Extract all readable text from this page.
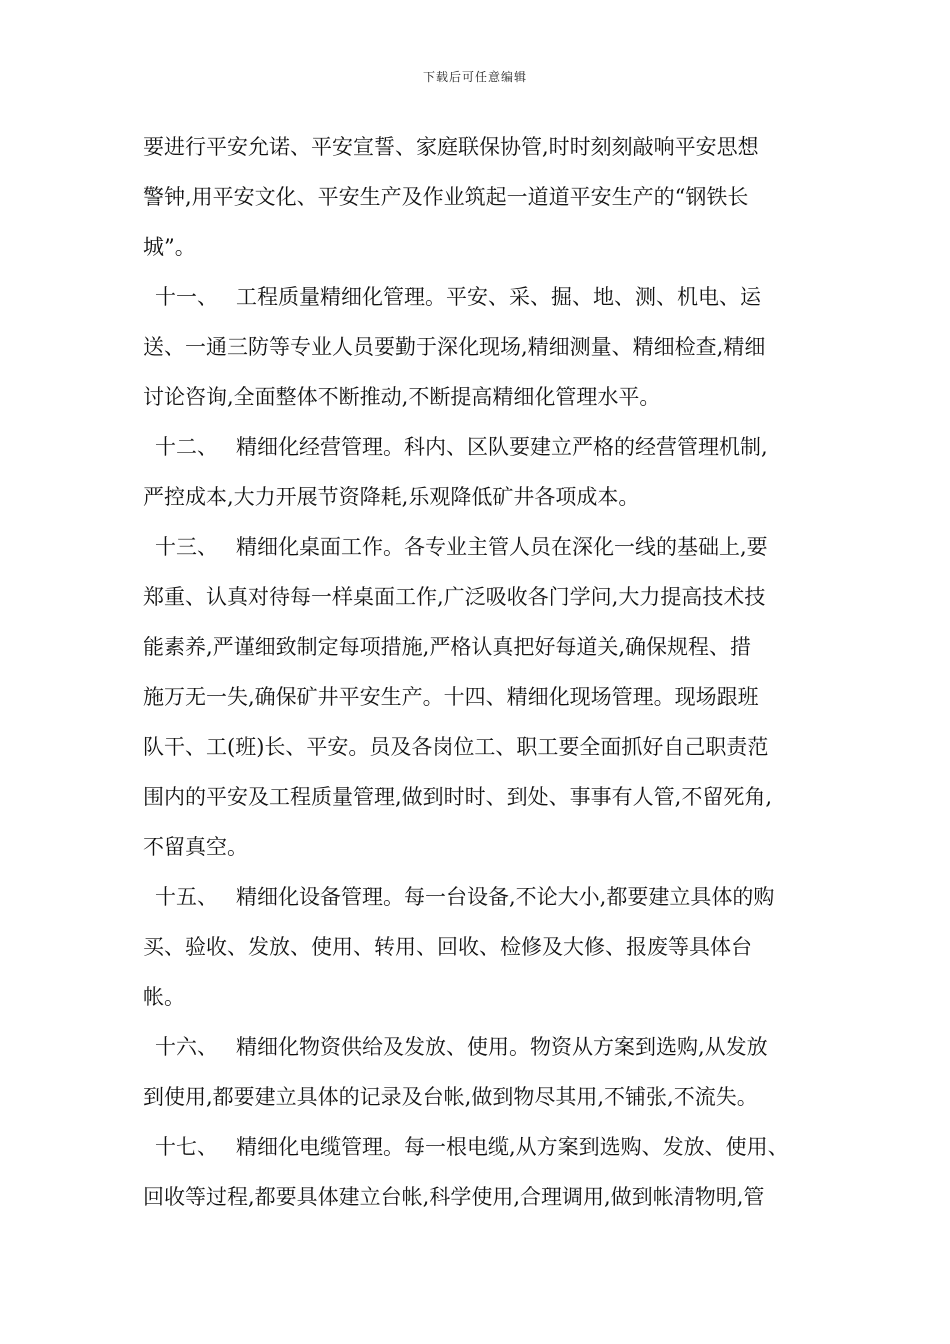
下载后可任意编辑
要进行平安允诺、平安宣誓、家庭联保协管,时时刻刻敲响平安思想
警钟,用平安文化、平安生产及作业筑起一道道平安生产的“钢铁长
城”。
十一、 工程质量精细化管理。平安、采、掘、地、测、机电、运
送、一通三防等专业人员要勤于深化现场,精细测量、精细检查,精细
讨论咨询,全面整体不断推动,不断提高精细化管理水平。
十二、 精细化经营管理。科内、区队要建立严格的经营管理机制,
严控成本,大力开展节资降耗,乐观降低矿井各项成本。
十三、 精细化桌面工作。各专业主管人员在深化一线的基础上,要
郑重、认真对待每一样桌面工作,广泛吸收各门学问,大力提高技术技
能素养,严谨细致制定每项措施,严格认真把好每道关,确保规程、措
施万无一失,确保矿井平安生产。十四、精细化现场管理。现场跟班
队干、工(班)长、平安。员及各岗位工、职工要全面抓好自己职责范
围内的平安及工程质量管理,做到时时、到处、事事有人管,不留死角,
不留真空。
十五、 精细化设备管理。每一台设备,不论大小,都要建立具体的购
买、验收、发放、使用、转用、回收、检修及大修、报废等具体台
帐。
十六、 精细化物资供给及发放、使用。物资从方案到选购,从发放
到使用,都要建立具体的记录及台帐,做到物尽其用,不铺张,不流失。
十七、 精细化电缆管理。每一根电缆,从方案到选购、发放、使用、
回收等过程,都要具体建立台帐,科学使用,合理调用,做到帐清物明,管
